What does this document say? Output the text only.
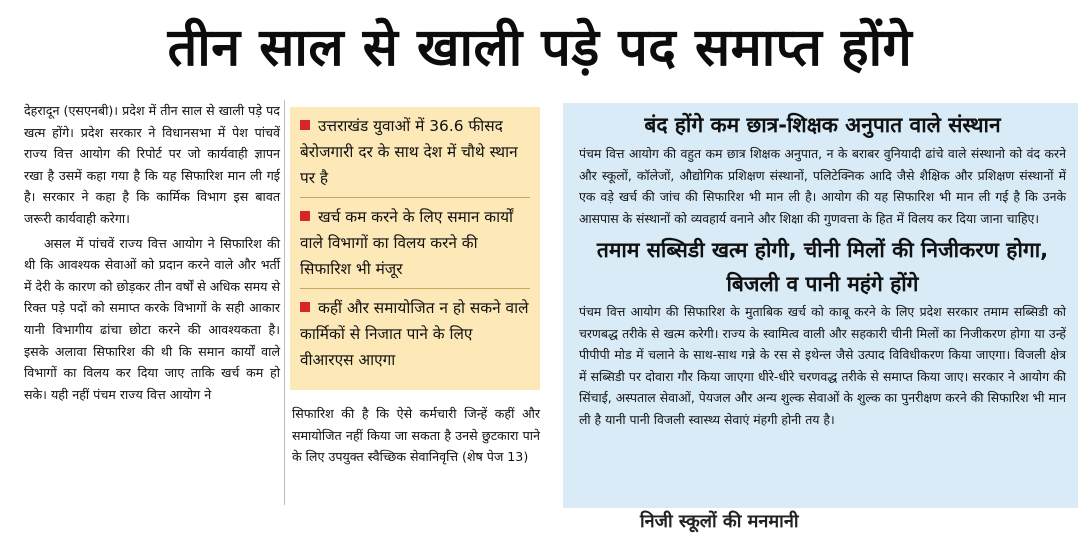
तीन साल से खाली पड़े पद समाप्त होंगे

देहरादून (एसएनबी)। प्रदेश में तीन साल से खाली पड़े पद खत्म होंगे। प्रदेश सरकार ने विधानसभा में पेश पांचवें राज्य वित्त आयोग की रिपोर्ट पर जो कार्यवाही ज्ञापन रखा है उसमें कहा गया है कि यह सिफारिश मान ली गई है। सरकार ने कहा है कि कार्मिक विभाग इस बावत जरूरी कार्यवाही करेगा।

असल में पांचवें राज्य वित्त आयोग ने सिफारिश की थी कि आवश्यक सेवाओं को प्रदान करने वाले और भर्ती में देरी के कारण को छोड़कर तीन वर्षों से अधिक समय से रिक्त पड़े पदों को समाप्त करके विभागों के सही आकार यानी विभागीय ढांचा छोटा करने की आवश्यकता है। इसके अलावा सिफारिश की थी कि समान कार्यों वाले विभागों का विलय कर दिया जाए ताकि खर्च कम हो सके। यही नहीं पंचम राज्य वित्त आयोग ने

उत्तराखंड युवाओं में 36.6 फीसद बेरोजगारी दर के साथ देश में चौथे स्थान पर है
खर्च कम करने के लिए समान कार्यों वाले विभागों का विलय करने की सिफारिश भी मंजूर
कहीं और समायोजित न हो सकने वाले कार्मिकों से निजात पाने के लिए वीआरएस आएगा
सिफारिश की है कि ऐसे कर्मचारी जिन्हें कहीं और समायोजित नहीं किया जा सकता है उनसे छुटकारा पाने के लिए उपयुक्त स्वैच्छिक सेवानिवृत्ति (शेष पेज 13)
बंद होंगे कम छात्र-शिक्षक अनुपात वाले संस्थान
पंचम वित्त आयोग की वहुत कम छात्र शिक्षक अनुपात, न के बराबर वुनियादी ढांचे वाले संस्थानो को वंद करने और स्कूलों, कॉलेजों, औद्योगिक प्रशिक्षण संस्थानों, पलिटेक्निक आदि जैसे शैक्षिक और प्रशिक्षण संस्थानों में एक वड़े खर्च की जांच की सिफारिश भी मान ली है। आयोग की यह सिफारिश भी मान ली गई है कि उनके आसपास के संस्थानों को व्यवहार्य वनाने और शिक्षा की गुणवत्ता के हित में विलय कर दिया जाना चाहिए।
तमाम सब्सिडी खत्म होगी, चीनी मिलों की निजीकरण होगा, बिजली व पानी महंगे होंगे
पंचम वित्त आयोग की सिफारिश के मुताबिक खर्च को काबू करने के लिए प्रदेश सरकार तमाम सब्सिडी को चरणबद्ध तरीके से खत्म करेगी। राज्य के स्वामित्व वाली और सहकारी चीनी मिलों का निजीकरण होगा या उन्हें पीपीपी मोड में चलाने के साथ-साथ गन्ने के रस से इथेन्ल जैसे उत्पाद विविधीकरण किया जाएगा। विजली क्षेत्र में सब्सिडी पर दोवारा गौर किया जाएगा धीरे-धीरे चरणवद्ध तरीके से समाप्त किया जाए। सरकार ने आयोग की सिंचाई, अस्पताल सेवाओं, पेयजल और अन्य शुल्क सेवाओं के शुल्क का पुनरीक्षण करने की सिफारिश भी मान ली है यानी पानी विजली स्वास्थ्य सेवाएं मंहगी होनी तय है।
निजी स्कूलों की मनमानी
